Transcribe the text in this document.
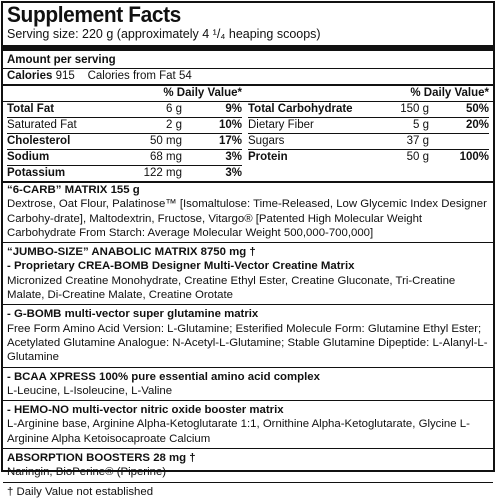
Supplement Facts
Serving size: 220 g (approximately 4 ¹/₄ heaping scoops)
Amount per serving
Calories 915 Calories from Fat 54
% Daily Value*	% Daily Value*
Total Fat	6 g	9%
Saturated Fat	2 g	10%
Cholesterol	50 mg	17%
Sodium	68 mg	3%
Potassium	122 mg	3%
Total Carbohydrate	150 g	50%
Dietary Fiber	5 g	20%
Sugars	37 g
Protein	50 g	100%
“6-CARB” MATRIX 155 g
Dextrose, Oat Flour, Palatinose™ [Isomaltulose: Time-Released, Low Glycemic Index Designer Carbohy-drate], Maltodextrin, Fructose, Vitargo® [Patented High Molecular Weight Carbohydrate From Starch: Average Molecular Weight 500,000-700,000]
“JUMBO-SIZE” ANABOLIC MATRIX 8750 mg †
- Proprietary CREA-BOMB Designer Multi-Vector Creatine Matrix
Micronized Creatine Monohydrate, Creatine Ethyl Ester, Creatine Gluconate, Tri-Creatine Malate, Di-Creatine Malate, Creatine Orotate
- G-BOMB multi-vector super glutamine matrix
Free Form Amino Acid Version: L-Glutamine; Esterified Molecule Form: Glutamine Ethyl Ester; Acetylated Glutamine Analogue: N-Acetyl-L-Glutamine; Stable Glutamine Dipeptide: L-Alanyl-L-Glutamine
- BCAA XPRESS 100% pure essential amino acid complex
L-Leucine, L-Isoleucine, L-Valine
- HEMO-NO multi-vector nitric oxide booster matrix
L-Arginine base, Arginine Alpha-Ketoglutarate 1:1, Ornithine Alpha-Ketoglutarate, Glycine L-Arginine Alpha Ketoisocaproate Calcium
ABSORPTION BOOSTERS 28 mg †
Naringin, BioPerine® (Piperine)
† Daily Value not established
